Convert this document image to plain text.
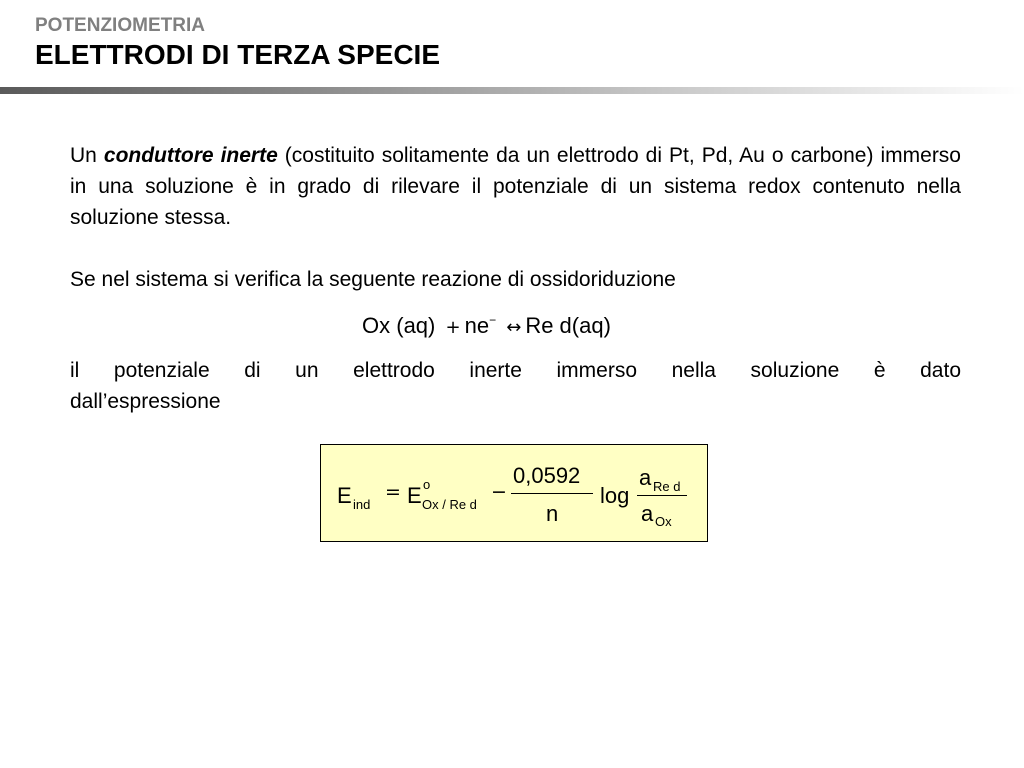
POTENZIOMETRIA
ELETTRODI DI TERZA SPECIE

Un conduttore inerte (costituito solitamente da un elettrodo di Pt, Pd, Au o carbone) immerso in una soluzione è in grado di rilevare il potenziale di un sistema redox contenuto nella soluzione stessa.

Se nel sistema si verifica la seguente reazione di ossidoriduzione

Ox (aq) + ne− ↔ Re d(aq)
il potenziale di un elettrodo inerte immerso nella soluzione è dato
dall’espressione
E ind
= E o
Ox / Re d
−
0,0592
n
log
a Re d
a Ox
